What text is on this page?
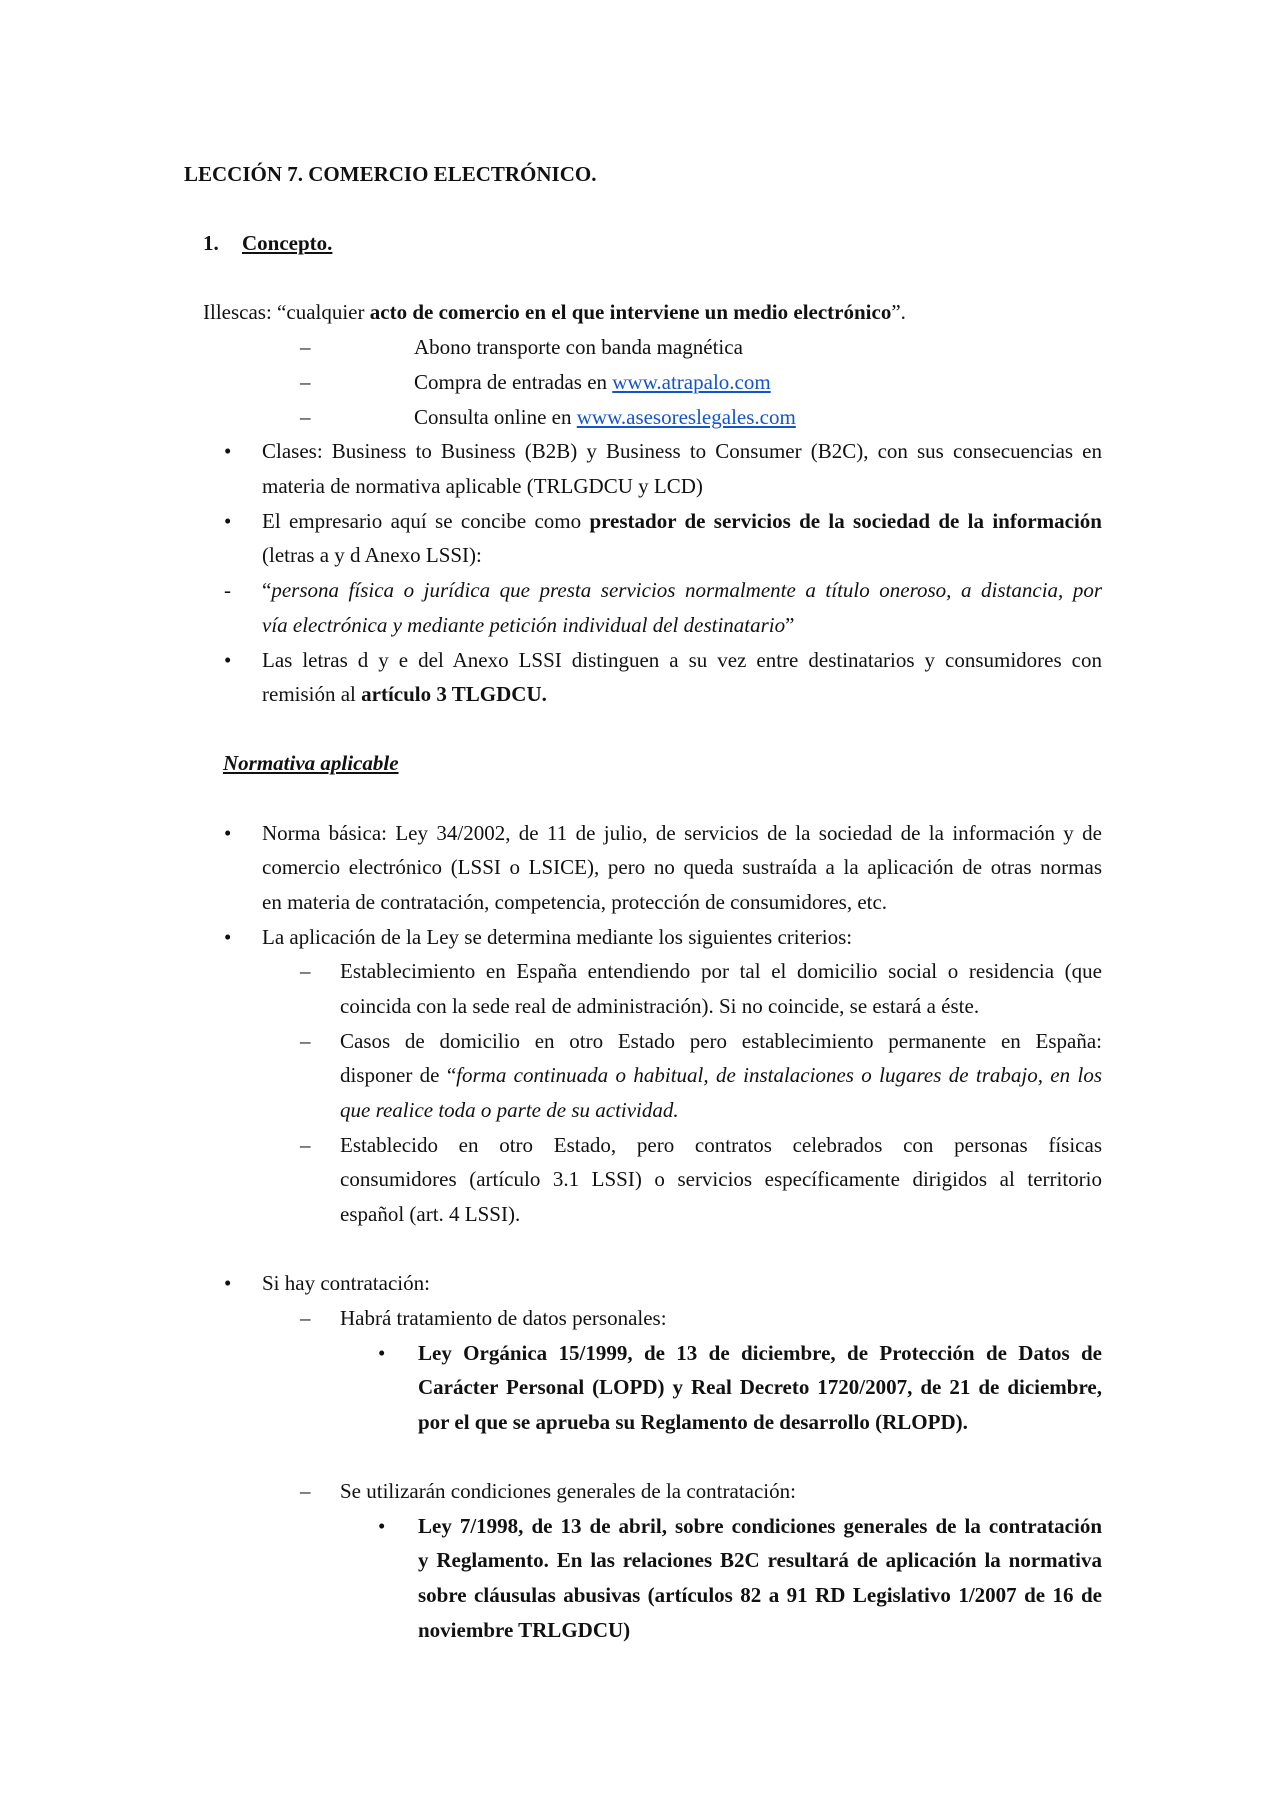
LECCIÓN 7. COMERCIO ELECTRÓNICO.
1. Concepto.
Illescas: “cualquier acto de comercio en el que interviene un medio electrónico”.
–	Abono transporte con banda magnética
–	Compra de entradas en www.atrapalo.com
–	Consulta online en www.asesoreslegales.com
• Clases: Business to Business (B2B) y Business to Consumer (B2C), con sus consecuencias en
materia de normativa aplicable (TRLGDCU y LCD)
• El empresario aquí se concibe como prestador de servicios de la sociedad de la información
(letras a y d Anexo LSSI):
- “persona física o jurídica que presta servicios normalmente a título oneroso, a distancia, por
vía electrónica y mediante petición individual del destinatario”
• Las letras d y e del Anexo LSSI distinguen a su vez entre destinatarios y consumidores con
remisión al artículo 3 TLGDCU.
Normativa aplicable
• Norma básica: Ley 34/2002, de 11 de julio, de servicios de la sociedad de la información y de
comercio electrónico (LSSI o LSICE), pero no queda sustraída a la aplicación de otras normas
en materia de contratación, competencia, protección de consumidores, etc.
• La aplicación de la Ley se determina mediante los siguientes criterios:
– Establecimiento en España entendiendo por tal el domicilio social o residencia (que
coincida con la sede real de administración). Si no coincide, se estará a éste.
– Casos de domicilio en otro Estado pero establecimiento permanente en España:
disponer de “forma continuada o habitual, de instalaciones o lugares de trabajo, en los
que realice toda o parte de su actividad.
– Establecido en otro Estado, pero contratos celebrados con personas físicas
consumidores (artículo 3.1 LSSI) o servicios específicamente dirigidos al territorio
español (art. 4 LSSI).
• Si hay contratación:
– Habrá tratamiento de datos personales:
• Ley Orgánica 15/1999, de 13 de diciembre, de Protección de Datos de
Carácter Personal (LOPD) y Real Decreto 1720/2007, de 21 de diciembre,
por el que se aprueba su Reglamento de desarrollo (RLOPD).
– Se utilizarán condiciones generales de la contratación:
• Ley 7/1998, de 13 de abril, sobre condiciones generales de la contratación
y Reglamento. En las relaciones B2C resultará de aplicación la normativa
sobre cláusulas abusivas (artículos 82 a 91 RD Legislativo 1/2007 de 16 de
noviembre TRLGDCU)
